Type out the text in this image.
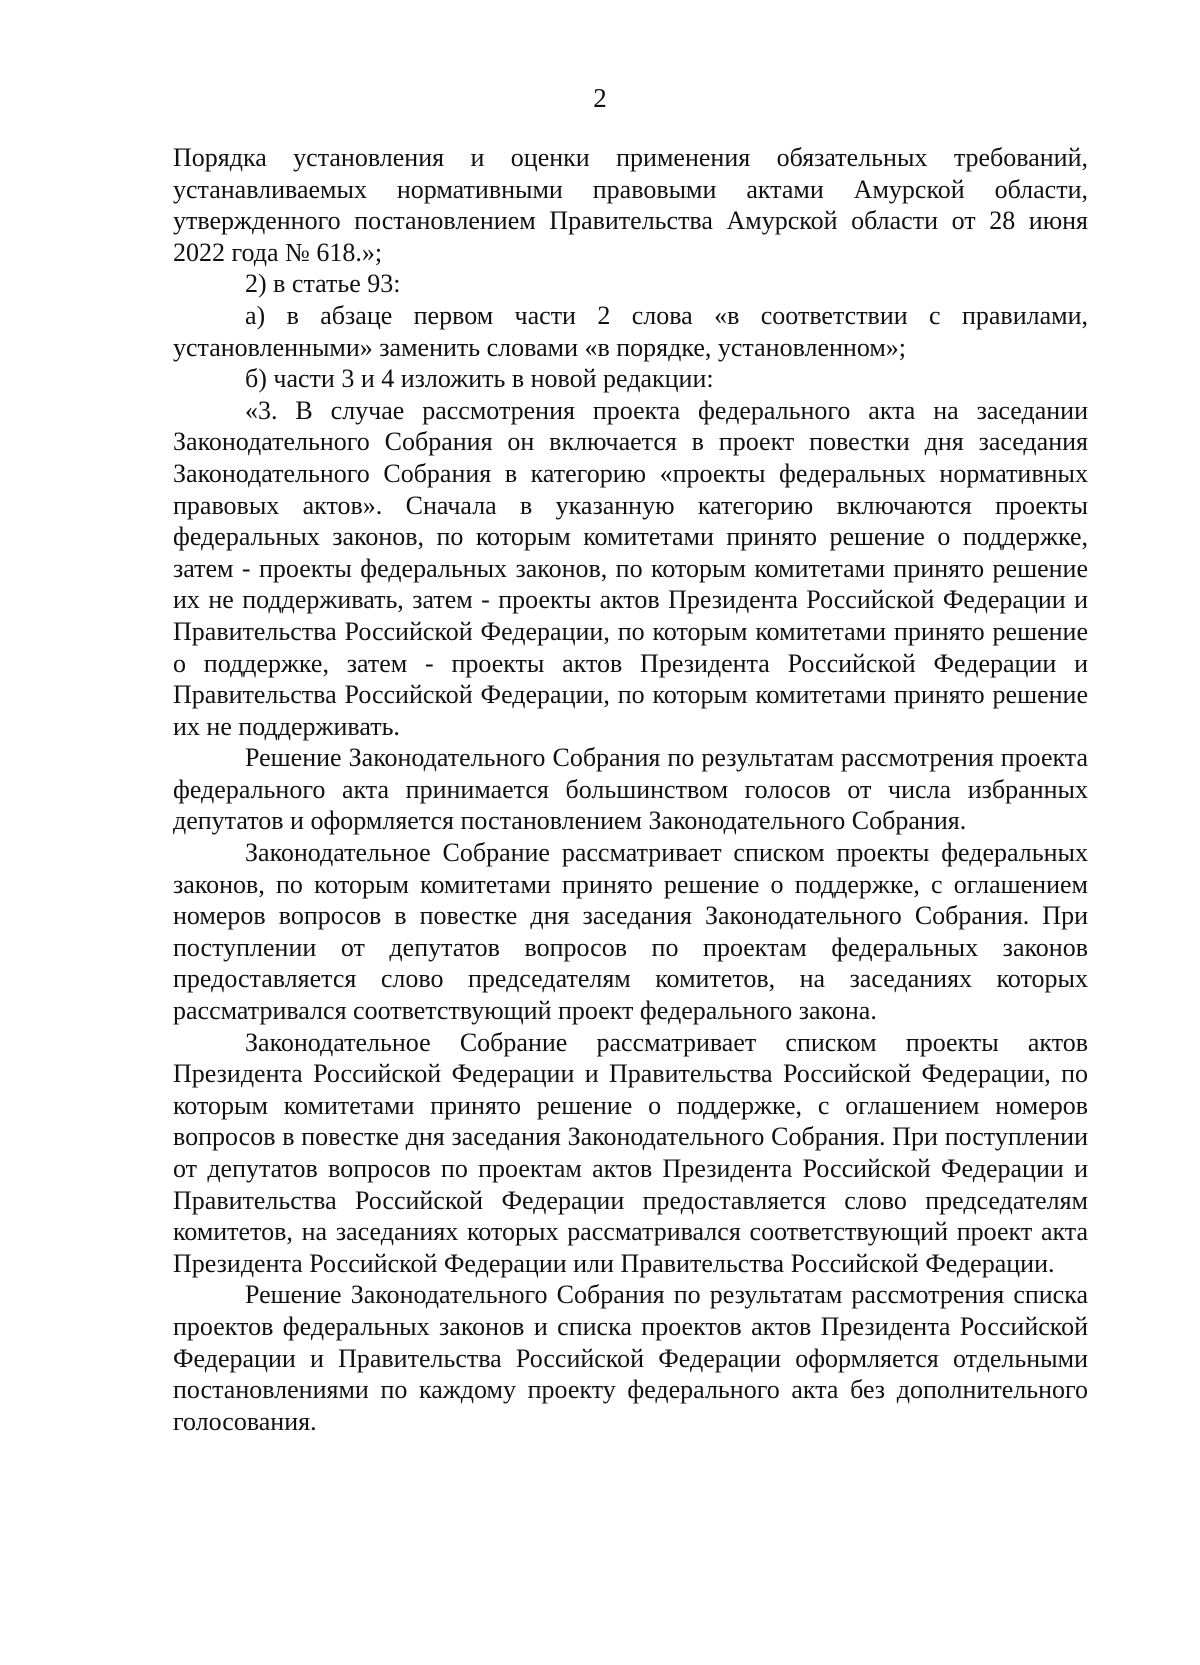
2

Порядка установления и оценки применения обязательных требований, устанавливаемых нормативными правовыми актами Амурской области, утвержденного постановлением Правительства Амурской области от 28 июня 2022 года № 618.»;

2) в статье 93:

а) в абзаце первом части 2 слова «в соответствии с правилами, установленными» заменить словами «в порядке, установленном»;

б) части 3 и 4 изложить в новой редакции:

«3. В случае рассмотрения проекта федерального акта на заседании Законодательного Собрания он включается в проект повестки дня заседания Законодательного Собрания в категорию «проекты федеральных нормативных правовых актов». Сначала в указанную категорию включаются проекты федеральных законов, по которым комитетами принято решение о поддержке, затем - проекты федеральных законов, по которым комитетами принято решение их не поддерживать, затем - проекты актов Президента Российской Федерации и Правительства Российской Федерации, по которым комитетами принято решение о поддержке, затем - проекты актов Президента Российской Федерации и Правительства Российской Федерации, по которым комитетами принято решение их не поддерживать.

Решение Законодательного Собрания по результатам рассмотрения проекта федерального акта принимается большинством голосов от числа избранных депутатов и оформляется постановлением Законодательного Собрания.

Законодательное Собрание рассматривает списком проекты федеральных законов, по которым комитетами принято решение о поддержке, с оглашением номеров вопросов в повестке дня заседания Законодательного Собрания. При поступлении от депутатов вопросов по проектам федеральных законов предоставляется слово председателям комитетов, на заседаниях которых рассматривался соответствующий проект федерального закона.

Законодательное Собрание рассматривает списком проекты актов Президента Российской Федерации и Правительства Российской Федерации, по которым комитетами принято решение о поддержке, с оглашением номеров вопросов в повестке дня заседания Законодательного Собрания. При поступлении от депутатов вопросов по проектам актов Президента Российской Федерации и Правительства Российской Федерации предоставляется слово председателям комитетов, на заседаниях которых рассматривался соответствующий проект акта Президента Российской Федерации или Правительства Российской Федерации.

Решение Законодательного Собрания по результатам рассмотрения списка проектов федеральных законов и списка проектов актов Президента Российской Федерации и Правительства Российской Федерации оформляется отдельными постановлениями по каждому проекту федерального акта без дополнительного голосования.
